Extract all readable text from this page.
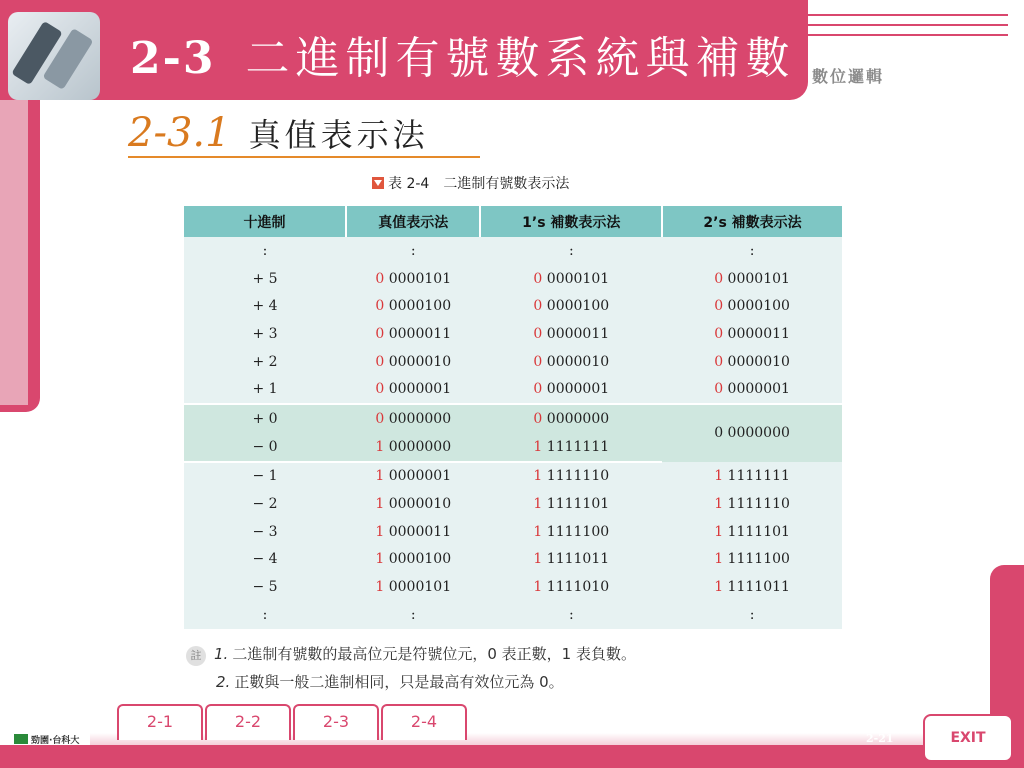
2-3 二進制有號數系統與補數 數位邏輯
2-3.1 真值表示法
表 2-4　二進制有號數表示法
十進制	真值表示法	1’s 補數表示法	2’s 補數表示法
:	:	:	:
+ 5	0 0000101	0 0000101	0 0000101
+ 4	0 0000100	0 0000100	0 0000100
+ 3	0 0000011	0 0000011	0 0000011
+ 2	0 0000010	0 0000010	0 0000010
+ 1	0 0000001	0 0000001	0 0000001
+ 0	0 0000000	0 0000000	0 0000000
− 0	1 0000000	1 1111111	
− 1	1 0000001	1 1111110	1 1111111
− 2	1 0000010	1 1111101	1 1111110
− 3	1 0000011	1 1111100	1 1111101
− 4	1 0000100	1 1111011	1 1111100
− 5	1 0000101	1 1111010	1 1111011
:	:	:	:
註 1. 二進制有號數的最高位元是符號位元，0 表正數，1 表負數。
2. 正數與一般二進制相同，只是最高有效位元為 0。
2-1	2-2	2-3	2-4
勁園·台科大	2-21	EXIT
